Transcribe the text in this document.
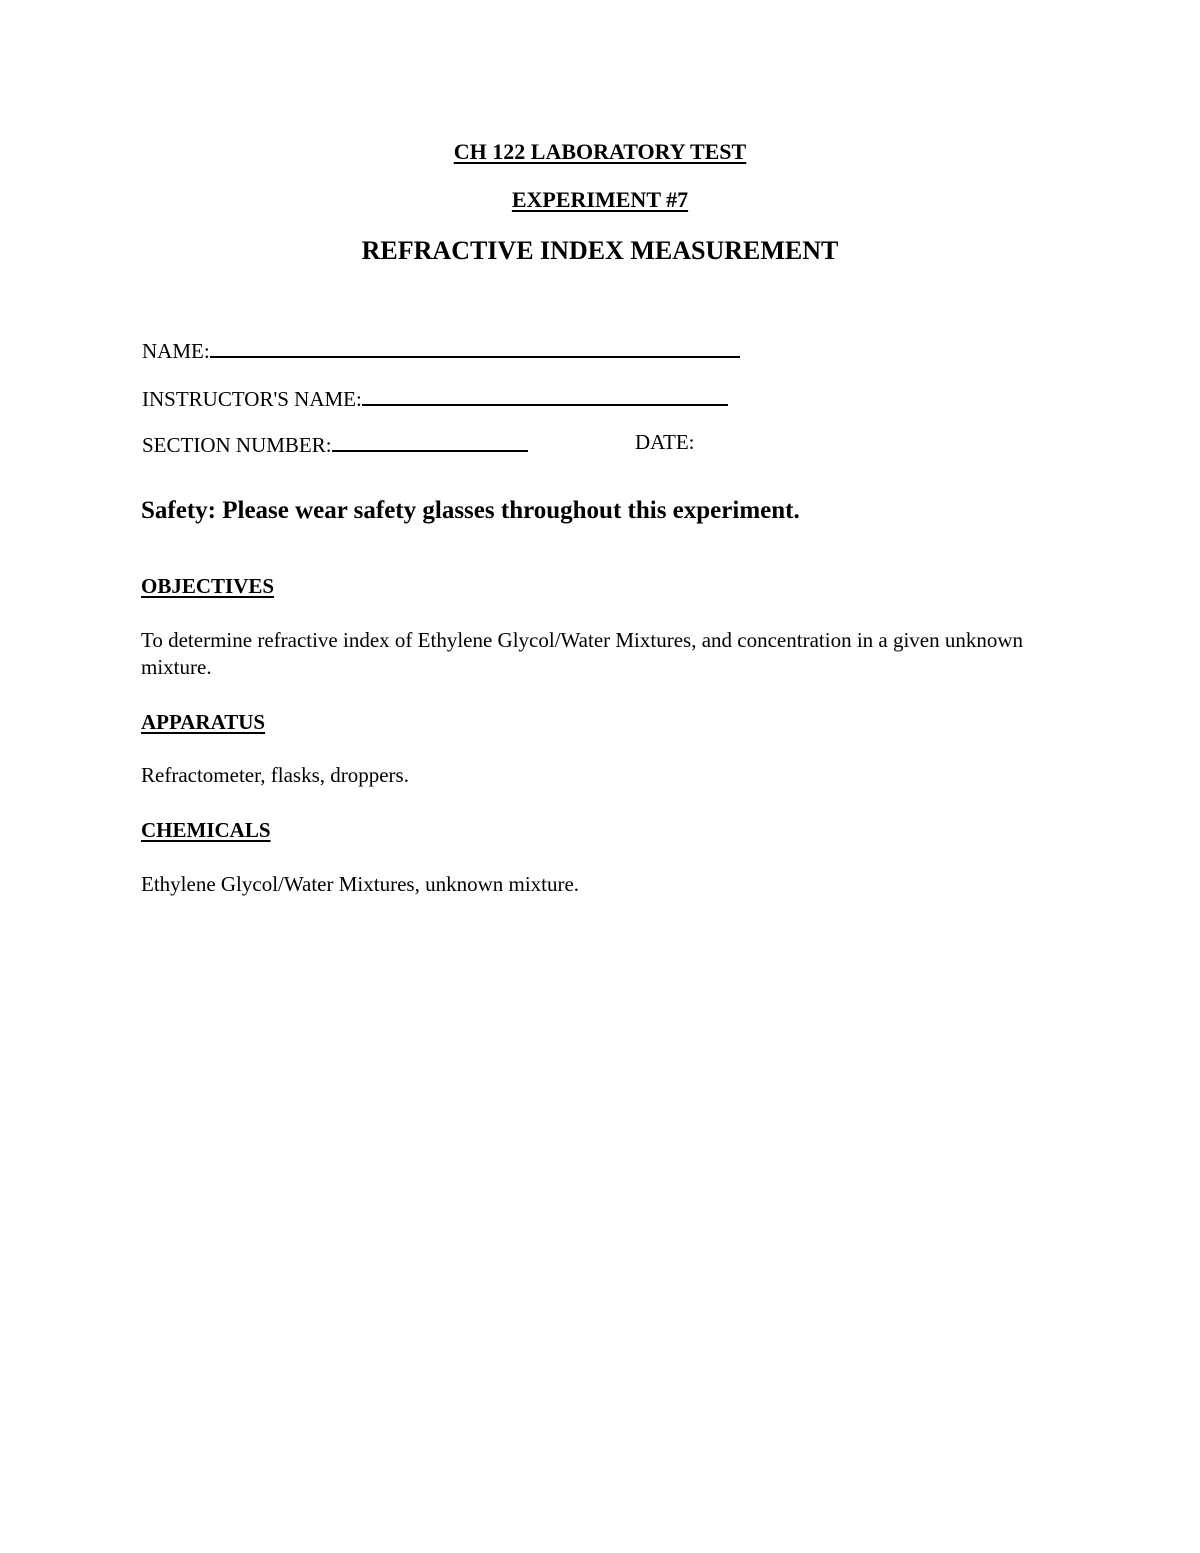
CH 122 LABORATORY TEST
EXPERIMENT #7
REFRACTIVE INDEX MEASUREMENT
NAME:
INSTRUCTOR'S NAME:
SECTION NUMBER:	DATE:
Safety: Please wear safety glasses throughout this experiment.
OBJECTIVES
To determine refractive index of Ethylene Glycol/Water Mixtures, and concentration in a given unknown mixture.
APPARATUS
Refractometer, flasks, droppers.
CHEMICALS
Ethylene Glycol/Water Mixtures, unknown mixture.
